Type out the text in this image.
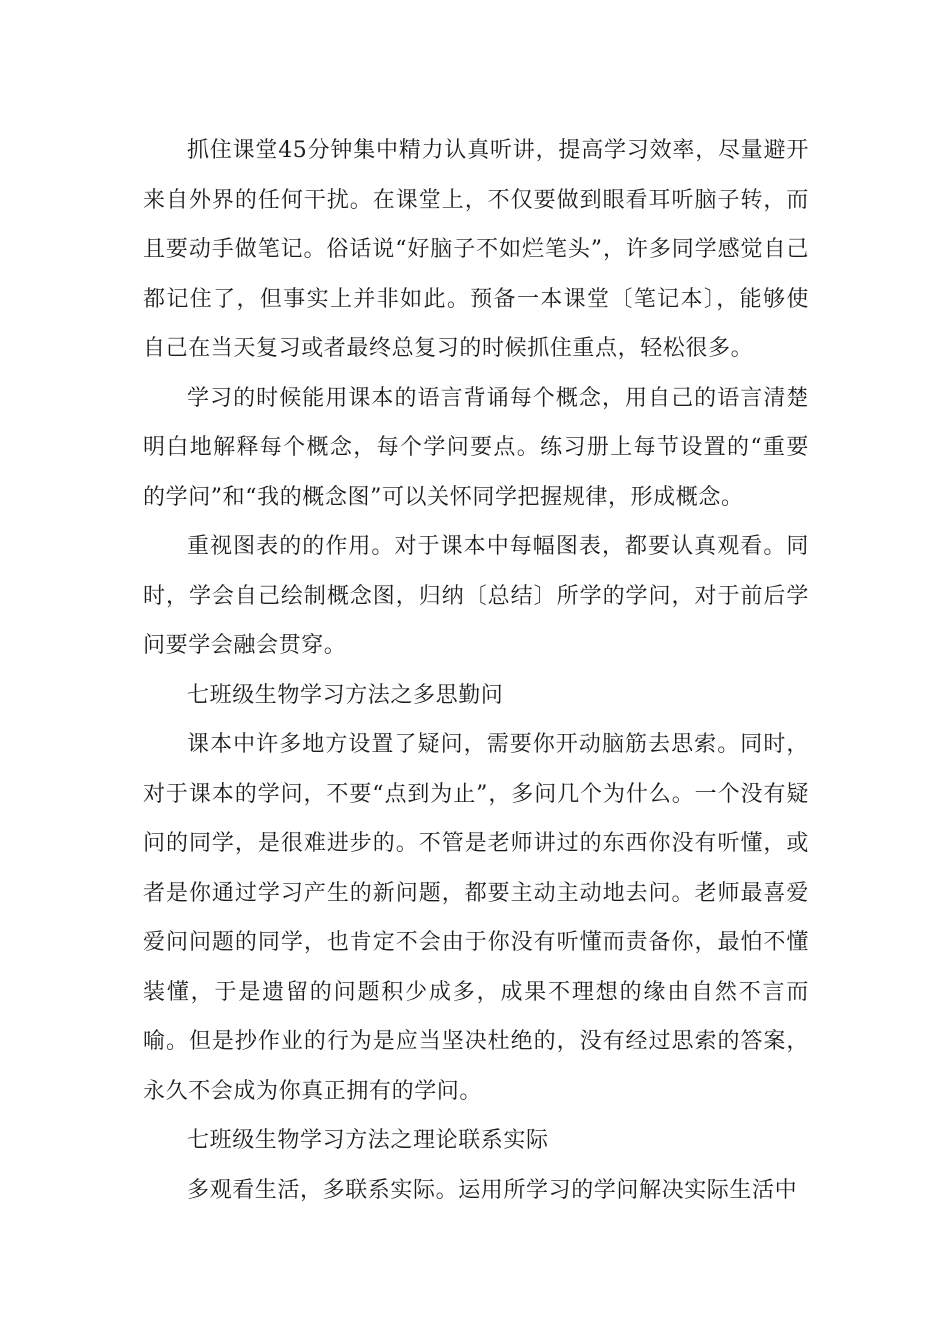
抓住课堂45分钟集中精力认真听讲，提高学习效率，尽量避开来自外界的任何干扰。在课堂上，不仅要做到眼看耳听脑子转，而且要动手做笔记。俗话说“好脑子不如烂笔头”，许多同学感觉自己都记住了，但事实上并非如此。预备一本课堂〔笔记本〕，能够使自己在当天复习或者最终总复习的时候抓住重点，轻松很多。

学习的时候能用课本的语言背诵每个概念，用自己的语言清楚明白地解释每个概念，每个学问要点。练习册上每节设置的“重要的学问”和“我的概念图”可以关怀同学把握规律，形成概念。

重视图表的的作用。对于课本中每幅图表，都要认真观看。同时，学会自己绘制概念图，归纳〔总结〕所学的学问，对于前后学问要学会融会贯穿。

七班级生物学习方法之多思勤问

课本中许多地方设置了疑问，需要你开动脑筋去思索。同时，对于课本的学问，不要“点到为止”，多问几个为什么。一个没有疑问的同学，是很难进步的。不管是老师讲过的东西你没有听懂，或者是你通过学习产生的新问题，都要主动主动地去问。老师最喜爱爱问问题的同学，也肯定不会由于你没有听懂而责备你，最怕不懂装懂，于是遗留的问题积少成多，成果不理想的缘由自然不言而喻。但是抄作业的行为是应当坚决杜绝的，没有经过思索的答案，永久不会成为你真正拥有的学问。

七班级生物学习方法之理论联系实际

多观看生活，多联系实际。运用所学习的学问解决实际生活中
